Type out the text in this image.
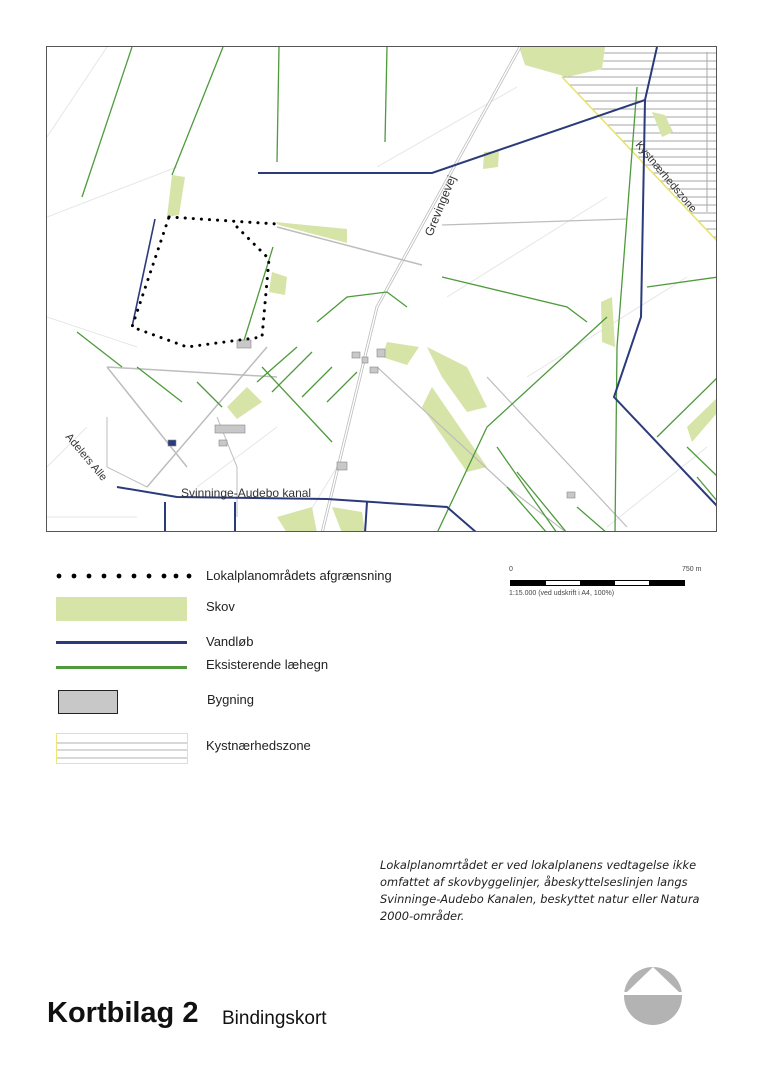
Grevingevej
Adelers Alle
Svinninge-Audebo kanal
Kystnærhedszone
Lokalplanområdets afgrænsning
Skov
Vandløb
Eksisterende læhegn
Bygning
Kystnærhedszone
0	750 m
1:15.000 (ved udskrift i A4, 100%)
Lokalplanomrtådet er ved lokalplanens vedtagelse ikke omfattet af skovbyggelinjer, åbeskyttelseslinjen langs Svinninge-Audebo Kanalen, beskyttet natur eller Natura 2000-områder.
Kortbilag 2 Bindingskort
